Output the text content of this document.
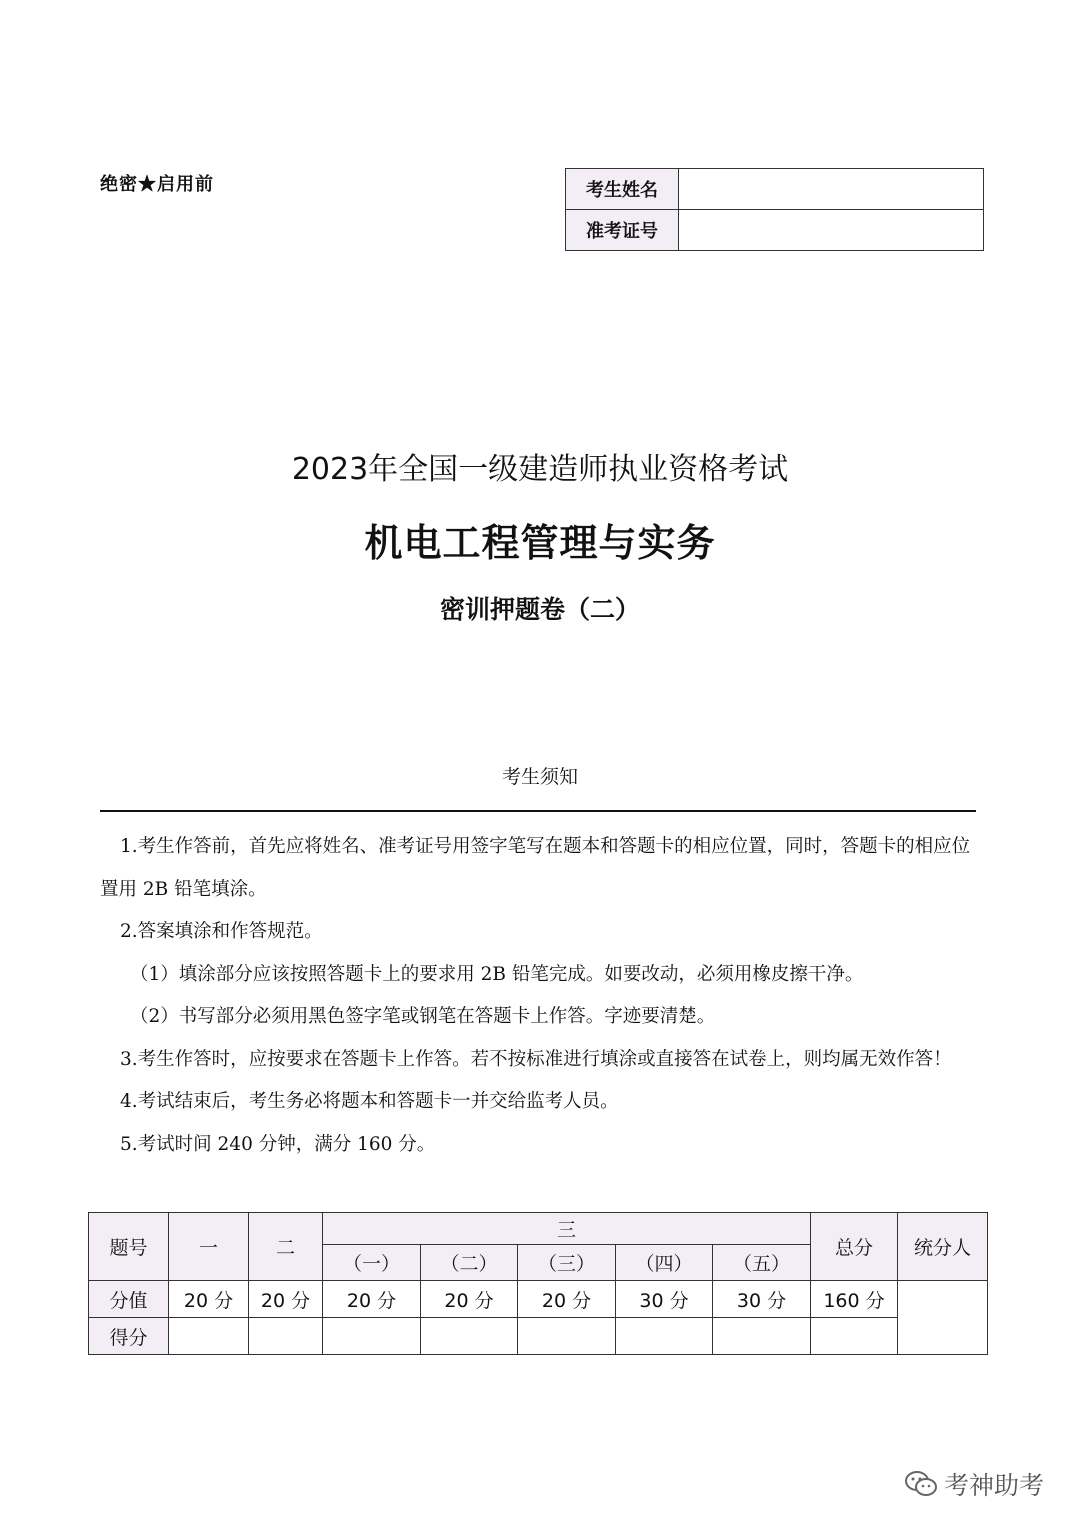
绝密★启用前	考生姓名	
准考证号	
2023年全国一级建造师执业资格考试
机电工程管理与实务
密训押题卷（二）
考生须知

1.考生作答前，首先应将姓名、准考证号用签字笔写在题本和答题卡的相应位置，同时，答题卡的相应位置用 2B 铅笔填涂。

2.答案填涂和作答规范。

（1）填涂部分应该按照答题卡上的要求用 2B 铅笔完成。如要改动，必须用橡皮擦干净。

（2）书写部分必须用黑色签字笔或钢笔在答题卡上作答。字迹要清楚。

3.考生作答时，应按要求在答题卡上作答。若不按标准进行填涂或直接答在试卷上，则均属无效作答！

4.考试结束后，考生务必将题本和答题卡一并交给监考人员。

5.考试时间 240 分钟，满分 160 分。

题号	一	二	三					总分	统分人
			（一）	（二）	（三）	（四）	（五）		
分值	20 分	20 分	20 分	20 分	20 分	30 分	30 分	160 分	
得分									
考神助考
